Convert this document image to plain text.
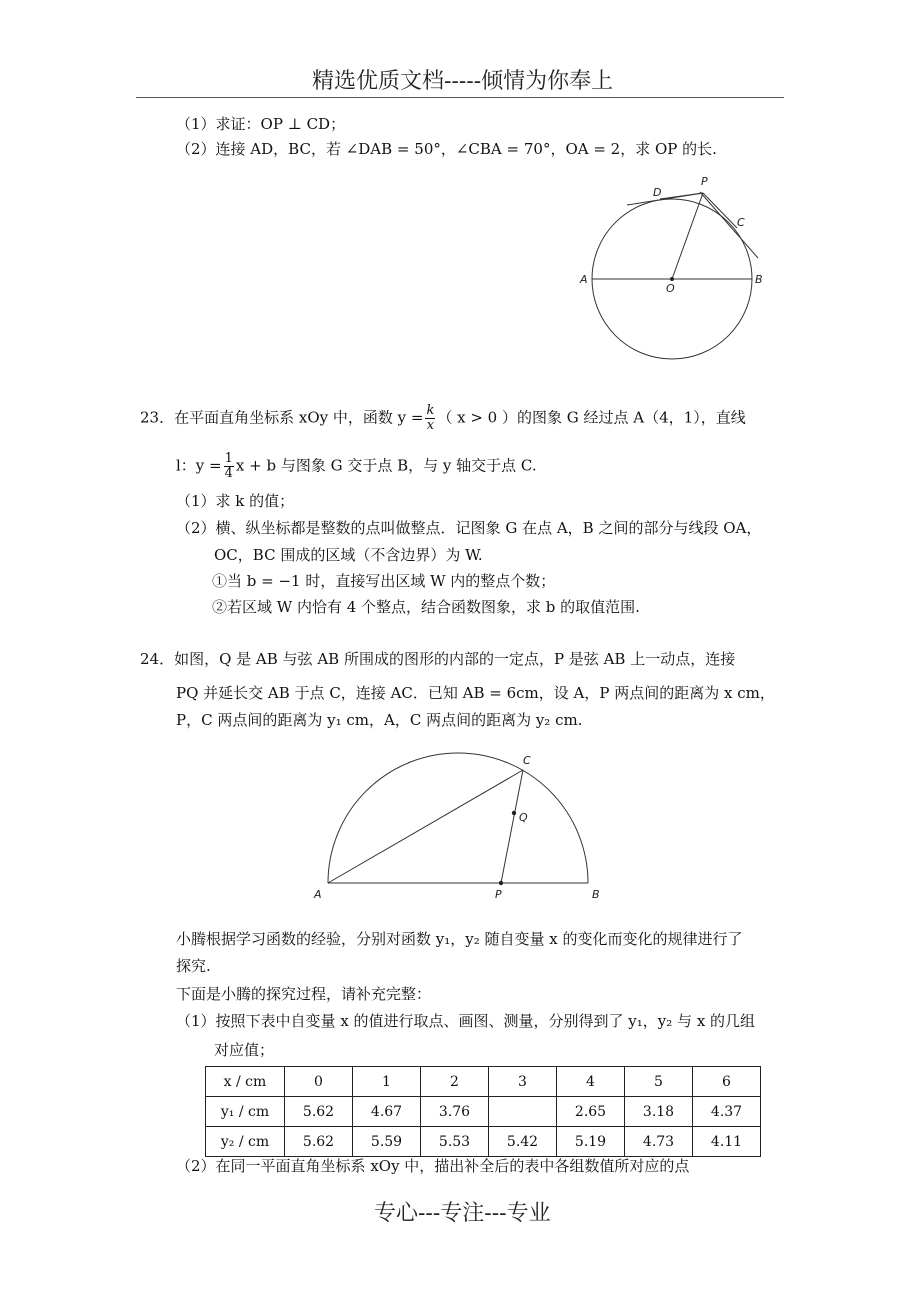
精选优质文档-----倾情为你奉上
（1）求证：OP ⊥ CD；
（2）连接 AD，BC，若 ∠DAB = 50°，∠CBA = 70°，OA = 2，求 OP 的长.
D
P
C
A
O
B
23．在平面直角坐标系 xOy 中，函数 $y = \frac{k}{x}$ （ x > 0 ）的图象 G 经过点 A（4，1），直线
l：$y = \frac{1}{4}$ x + b 与图象 G 交于点 B，与 y 轴交于点 C.
（1）求 k 的值；
（2）横、纵坐标都是整数的点叫做整点．记图象 G 在点 A，B 之间的部分与线段 OA，
OC，BC 围成的区域（不含边界）为 W.
①当 b = −1 时，直接写出区域 W 内的整点个数；
②若区域 W 内恰有 4 个整点，结合函数图象，求 b 的取值范围.
24．如图，Q 是 AB 与弦 AB 所围成的图形的内部的一定点，P 是弦 AB 上一动点，连接
PQ 并延长交 AB 于点 C，连接 AC．已知 AB = 6cm，设 A，P 两点间的距离为 x cm，
P，C 两点间的距离为 y₁ cm，A，C 两点间的距离为 y₂ cm.
C
Q
A	P	B
小腾根据学习函数的经验，分别对函数 y₁，y₂ 随自变量 x 的变化而变化的规律进行了
探究.
下面是小腾的探究过程，请补充完整：
（1）按照下表中自变量 x 的值进行取点、画图、测量，分别得到了 y₁，y₂ 与 x 的几组
对应值；
x / cm	0	1	2	3	4	5	6
y₁ / cm	5.62	4.67	3.76		2.65	3.18	4.37
y₂ / cm	5.62	5.59	5.53	5.42	5.19	4.73	4.11
（2）在同一平面直角坐标系 xOy 中，描出补全后的表中各组数值所对应的点
专心---专注---专业
